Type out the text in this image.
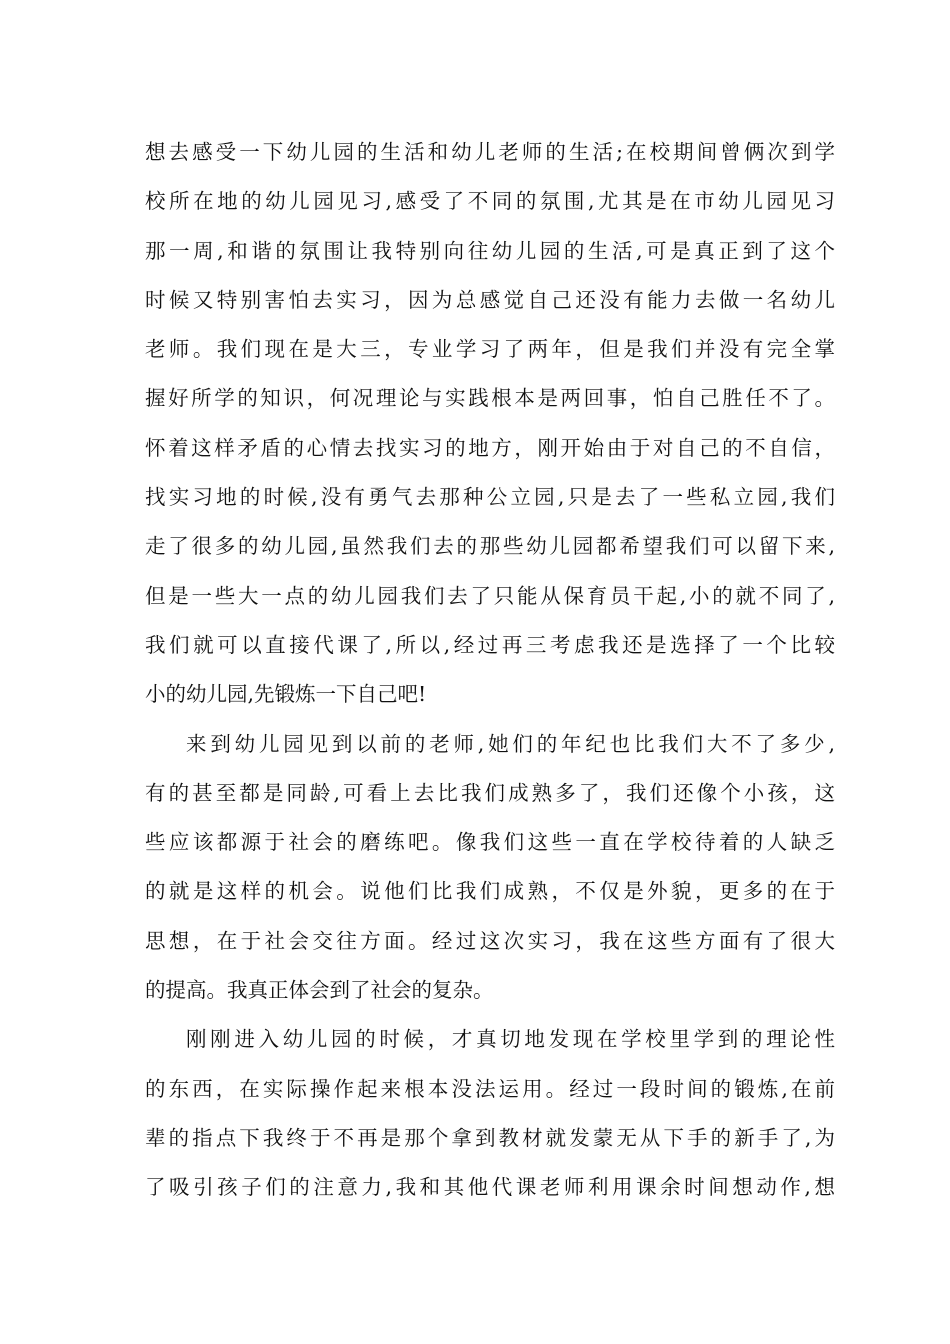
想去感受一下幼儿园的生活和幼儿老师的生活;在校期间曾俩次到学
校所在地的幼儿园见习,感受了不同的氛围,尤其是在市幼儿园见习
那一周,和谐的氛围让我特别向往幼儿园的生活,可是真正到了这个
时候又特别害怕去实习，因为总感觉自己还没有能力去做一名幼儿
老师。我们现在是大三，专业学习了两年，但是我们并没有完全掌
握好所学的知识，何况理论与实践根本是两回事，怕自己胜任不了。
怀着这样矛盾的心情去找实习的地方，刚开始由于对自己的不自信，
找实习地的时候,没有勇气去那种公立园,只是去了一些私立园,我们
走了很多的幼儿园,虽然我们去的那些幼儿园都希望我们可以留下来,
但是一些大一点的幼儿园我们去了只能从保育员干起,小的就不同了,
我们就可以直接代课了,所以,经过再三考虑我还是选择了一个比较
小的幼儿园,先锻炼一下自己吧!
来到幼儿园见到以前的老师,她们的年纪也比我们大不了多少,
有的甚至都是同龄,可看上去比我们成熟多了，我们还像个小孩，这
些应该都源于社会的磨练吧。像我们这些一直在学校待着的人缺乏
的就是这样的机会。说他们比我们成熟，不仅是外貌，更多的在于
思想，在于社会交往方面。经过这次实习，我在这些方面有了很大
的提高。我真正体会到了社会的复杂。
刚刚进入幼儿园的时候，才真切地发现在学校里学到的理论性
的东西，在实际操作起来根本没法运用。经过一段时间的锻炼,在前
辈的指点下我终于不再是那个拿到教材就发蒙无从下手的新手了,为
了吸引孩子们的注意力,我和其他代课老师利用课余时间想动作,想
